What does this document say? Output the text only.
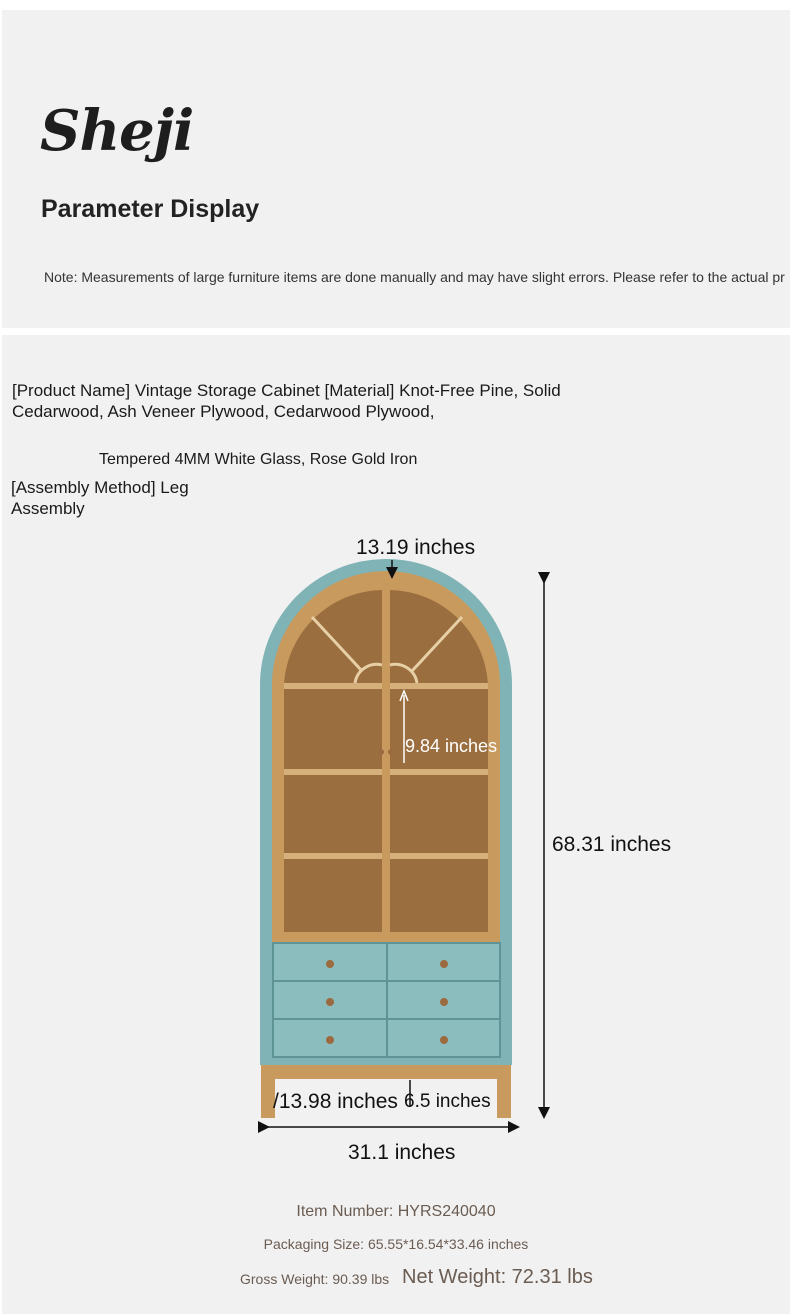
Sheji
Parameter Display
Note: Measurements of large furniture items are done manually and may have slight errors. Please refer to the actual pr
[Product Name] Vintage Storage Cabinet [Material] Knot-Free Pine, Solid Cedarwood, Ash Veneer Plywood, Cedarwood Plywood,
Tempered 4MM White Glass, Rose Gold Iron
[Assembly Method] Leg Assembly
13.19 inches
9.84 inches
68.31 inches
/13.98 inches 6.5 inches
31.1 inches
Item Number: HYRS240040
Packaging Size: 65.55*16.54*33.46 inches
Gross Weight: 90.39 lbs Net Weight: 72.31 lbs
